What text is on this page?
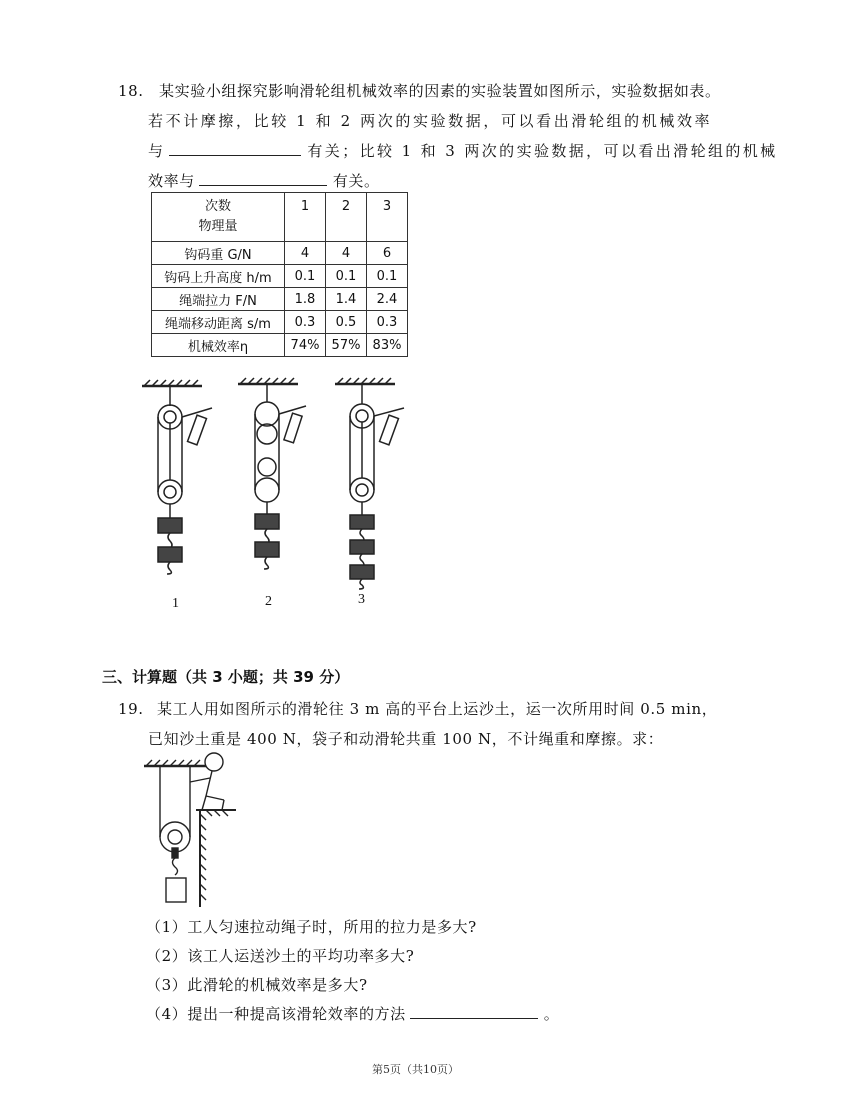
18. 某实验小组探究影响滑轮组机械效率的因素的实验装置如图所示，实验数据如表。
若不计摩擦，比较 1 和 2 两次的实验数据，可以看出滑轮组的机械效率
与	有关；比较 1 和 3 两次的实验数据，可以看出滑轮组的机械
效率与	有关。
次数
物理量	1	2	3
钩码重 G/N	4	4	6
钩码上升高度 h/m	0.1	0.1	0.1
绳端拉力 F/N	1.8	1.4	2.4
绳端移动距离 s/m	0.3	0.5	0.3
机械效率η	74%	57%	83%
1	2	3
三、计算题（共 3 小题；共 39 分）
19. 某工人用如图所示的滑轮往 3 m 高的平台上运沙土，运一次所用时间 0.5 min，
已知沙土重是 400 N，袋子和动滑轮共重 100 N，不计绳重和摩擦。求：
（1）工人匀速拉动绳子时，所用的拉力是多大?
（2）该工人运送沙土的平均功率多大?
（3）此滑轮的机械效率是多大?
（4）提出一种提高该滑轮效率的方法	。
第5页（共10页）
